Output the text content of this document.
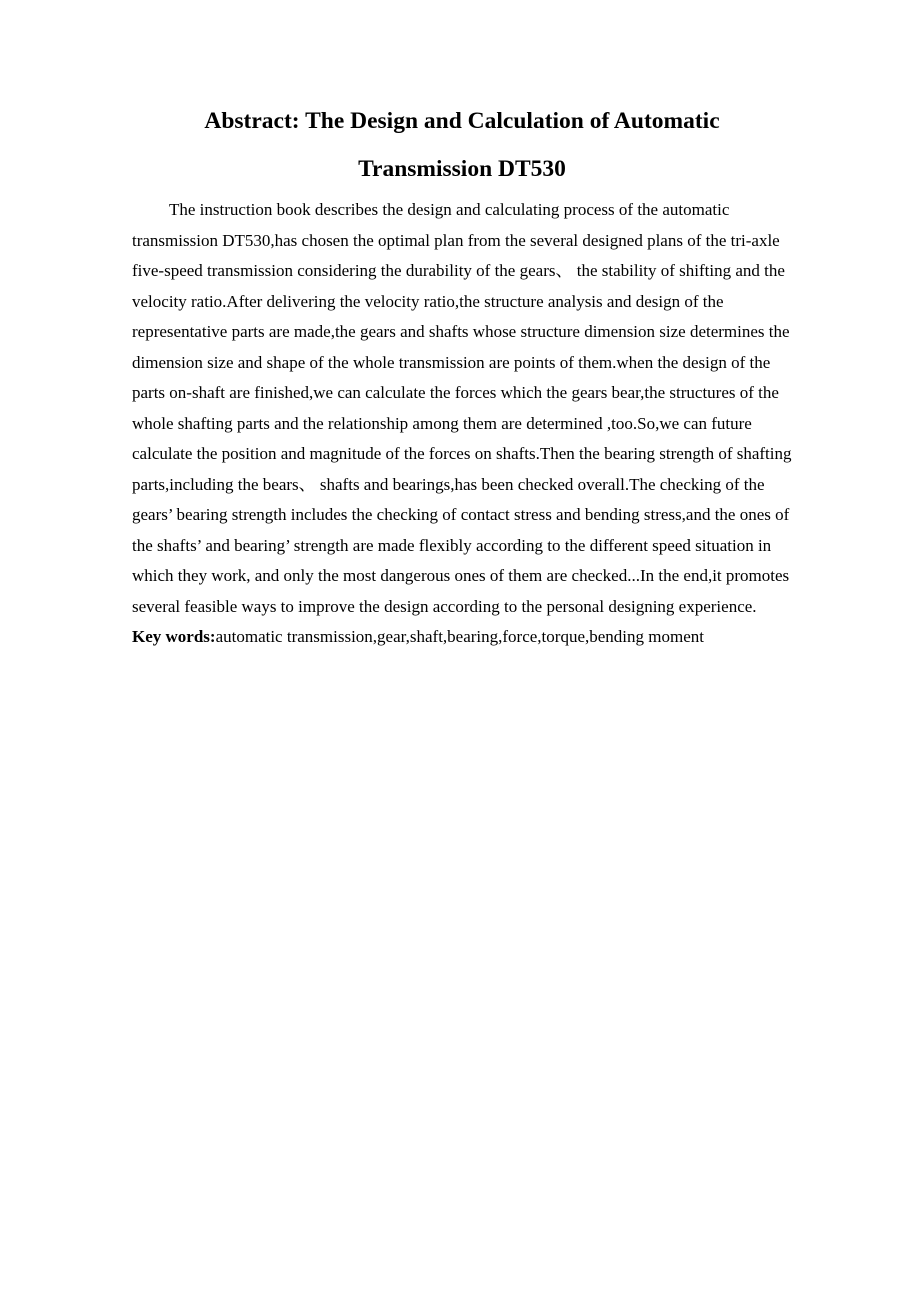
Abstract: The Design and Calculation of Automatic
Transmission DT530

The instruction book describes the design and calculating process of the automatic transmission DT530,has chosen the optimal plan from the several designed plans of the tri-axle five-speed transmission considering the durability of the gears、 the stability of shifting and the velocity ratio.After delivering the velocity ratio,the structure analysis and design of the representative parts are made,the gears and shafts whose structure dimension size determines the dimension size and shape of the whole transmission are points of them.when the design of the parts on-shaft are finished,we can calculate the forces which the gears bear,the structures of the whole shafting parts and the relationship among them are determined ,too.So,we can future calculate the position and magnitude of the forces on shafts.Then the bearing strength of shafting parts,including the bears、 shafts and bearings,has been checked overall.The checking of the gears’ bearing strength includes the checking of contact stress and bending stress,and the ones of the shafts’ and bearing’ strength are made flexibly according to the different speed situation in which they work, and only the most dangerous ones of them are checked...In the end,it promotes several feasible ways to improve the design according to the personal designing experience.

Key words:automatic transmission,gear,shaft,bearing,force,torque,bending moment
